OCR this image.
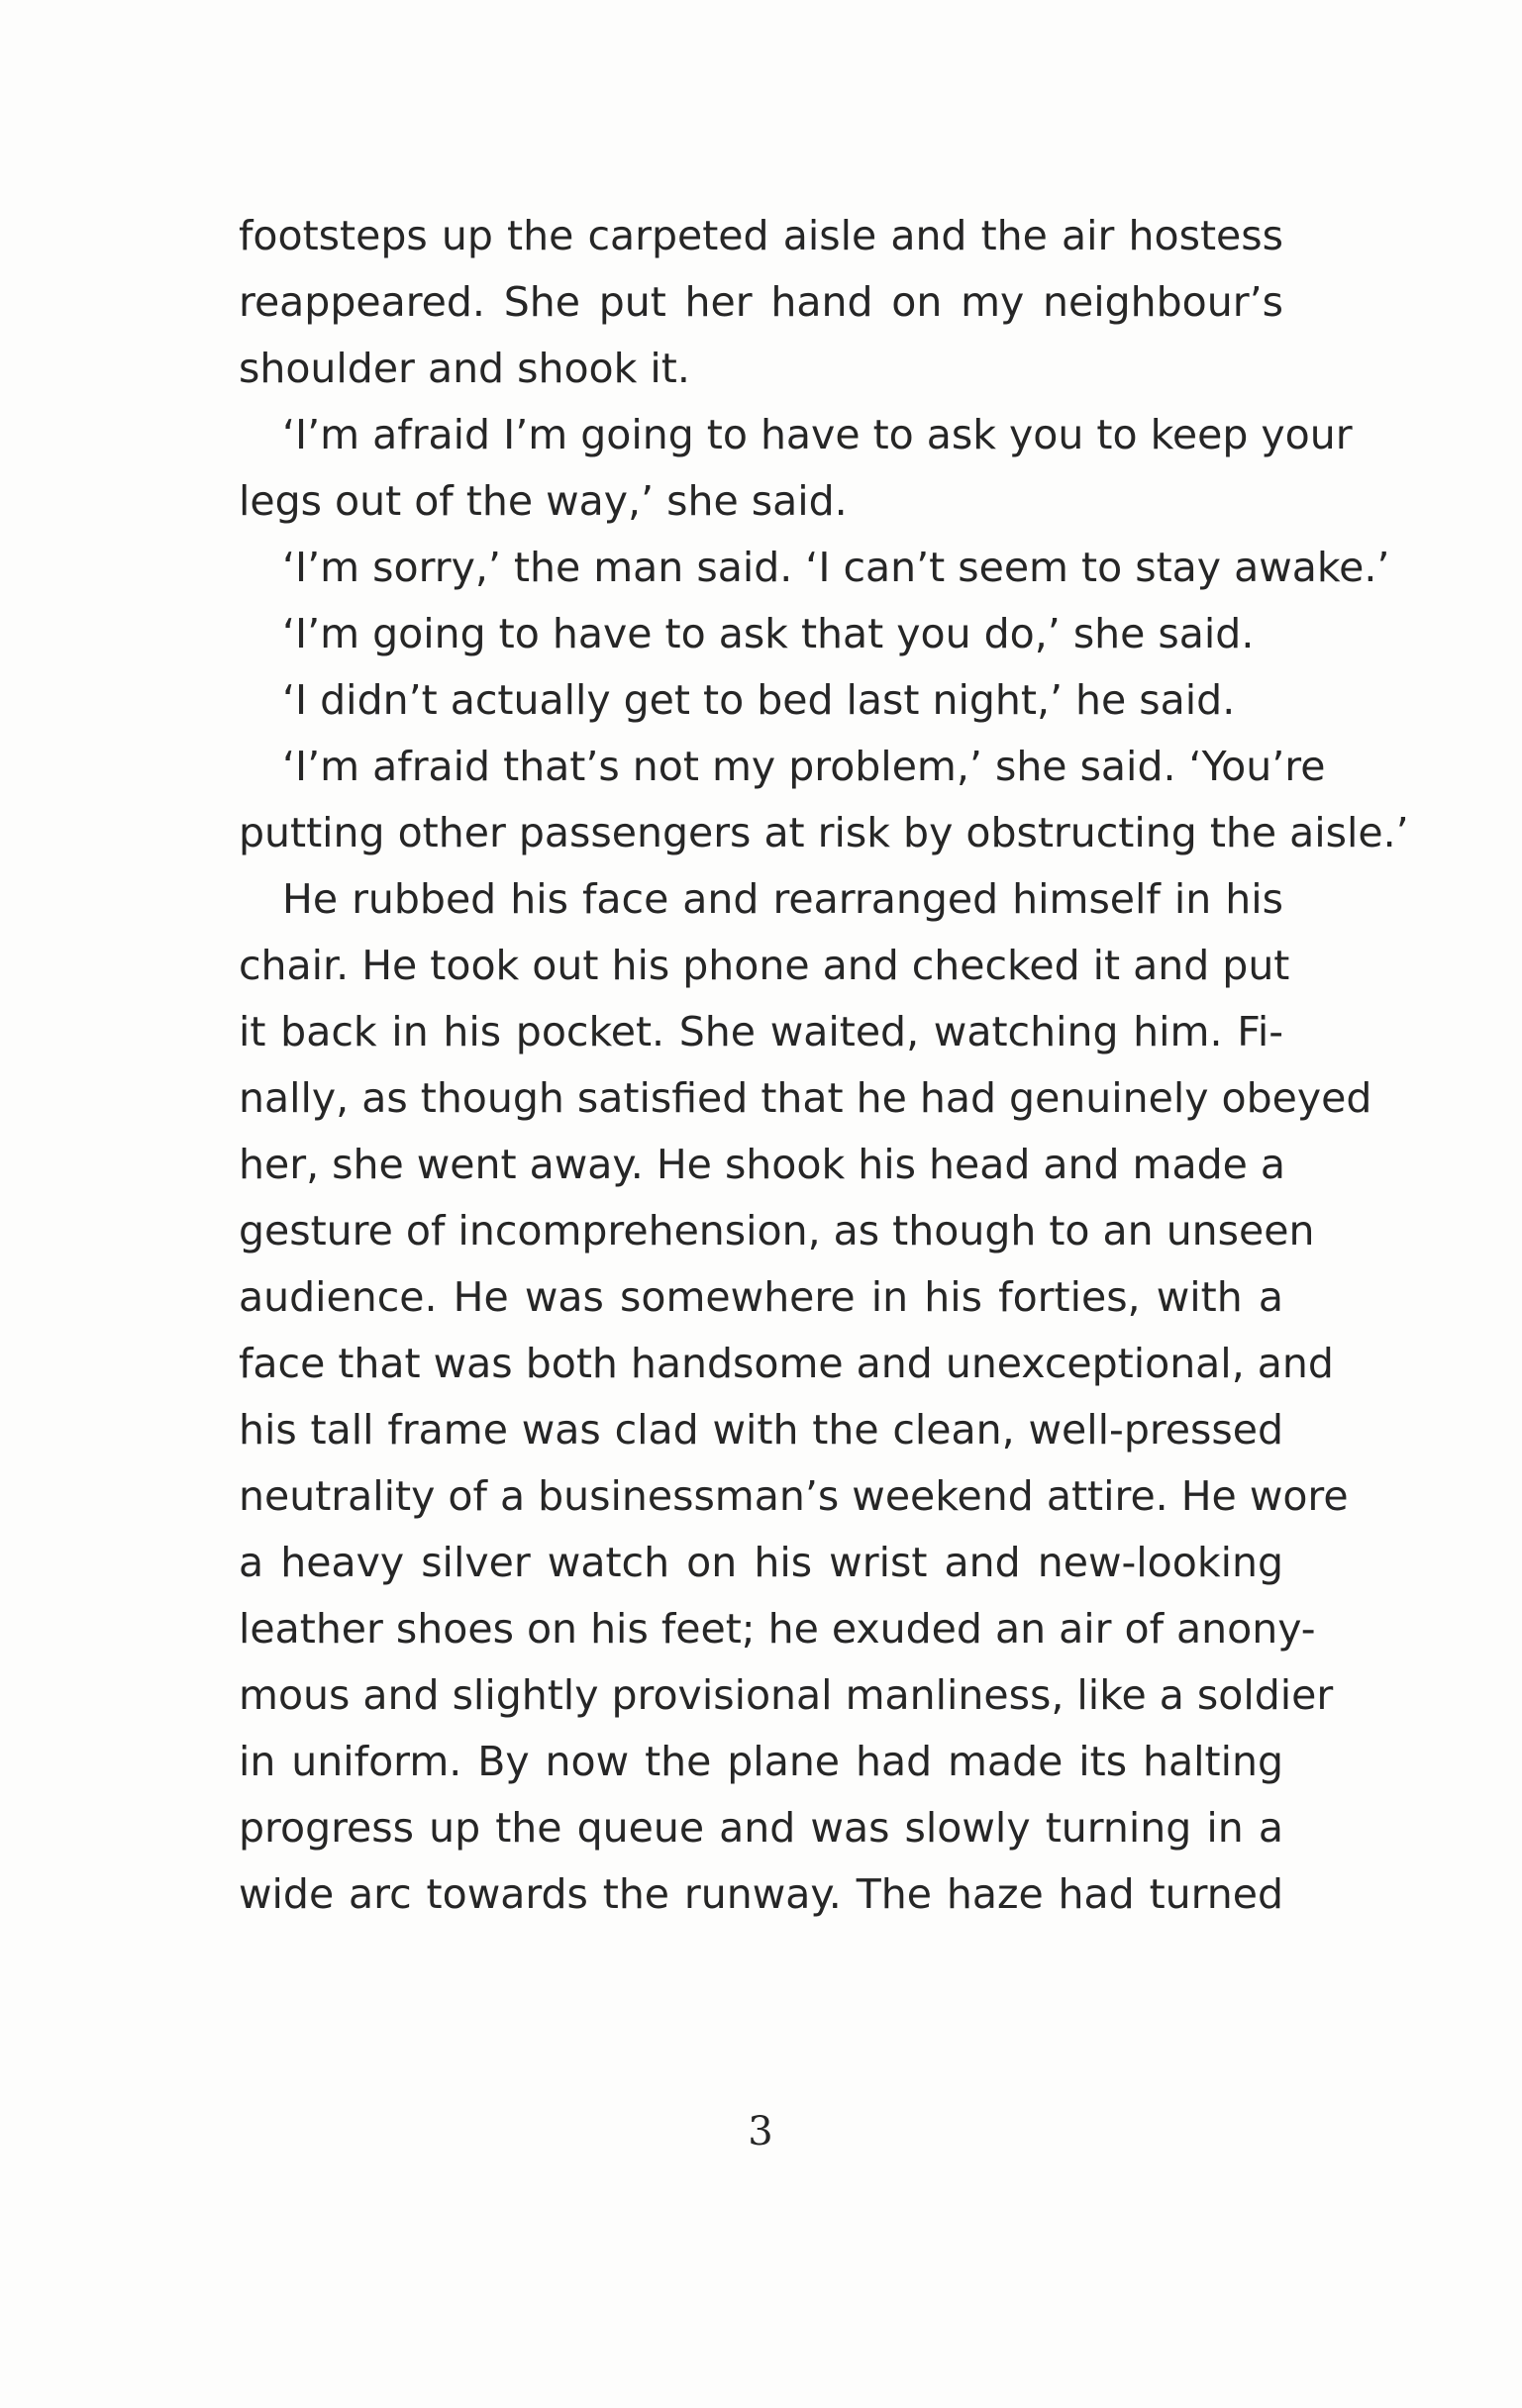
footsteps up the carpeted aisle and the air hostess
reappeared. She put her hand on my neighbour’s
shoulder and shook it.
‘I’m afraid I’m going to have to ask you to keep your
legs out of the way,’ she said.
‘I’m sorry,’ the man said. ‘I can’t seem to stay awake.’
‘I’m going to have to ask that you do,’ she said.
‘I didn’t actually get to bed last night,’ he said.
‘I’m afraid that’s not my problem,’ she said. ‘You’re
putting other passengers at risk by obstructing the aisle.’
He rubbed his face and rearranged himself in his
chair. He took out his phone and checked it and put
it back in his pocket. She waited, watching him. Fi-
nally, as though satisfied that he had genuinely obeyed
her, she went away. He shook his head and made a
gesture of incomprehension, as though to an unseen
audience. He was somewhere in his forties, with a
face that was both handsome and unexceptional, and
his tall frame was clad with the clean, well-pressed
neutrality of a businessman’s weekend attire. He wore
a heavy silver watch on his wrist and new-looking
leather shoes on his feet; he exuded an air of anony-
mous and slightly provisional manliness, like a soldier
in uniform. By now the plane had made its halting
progress up the queue and was slowly turning in a
wide arc towards the runway. The haze had turned
3
